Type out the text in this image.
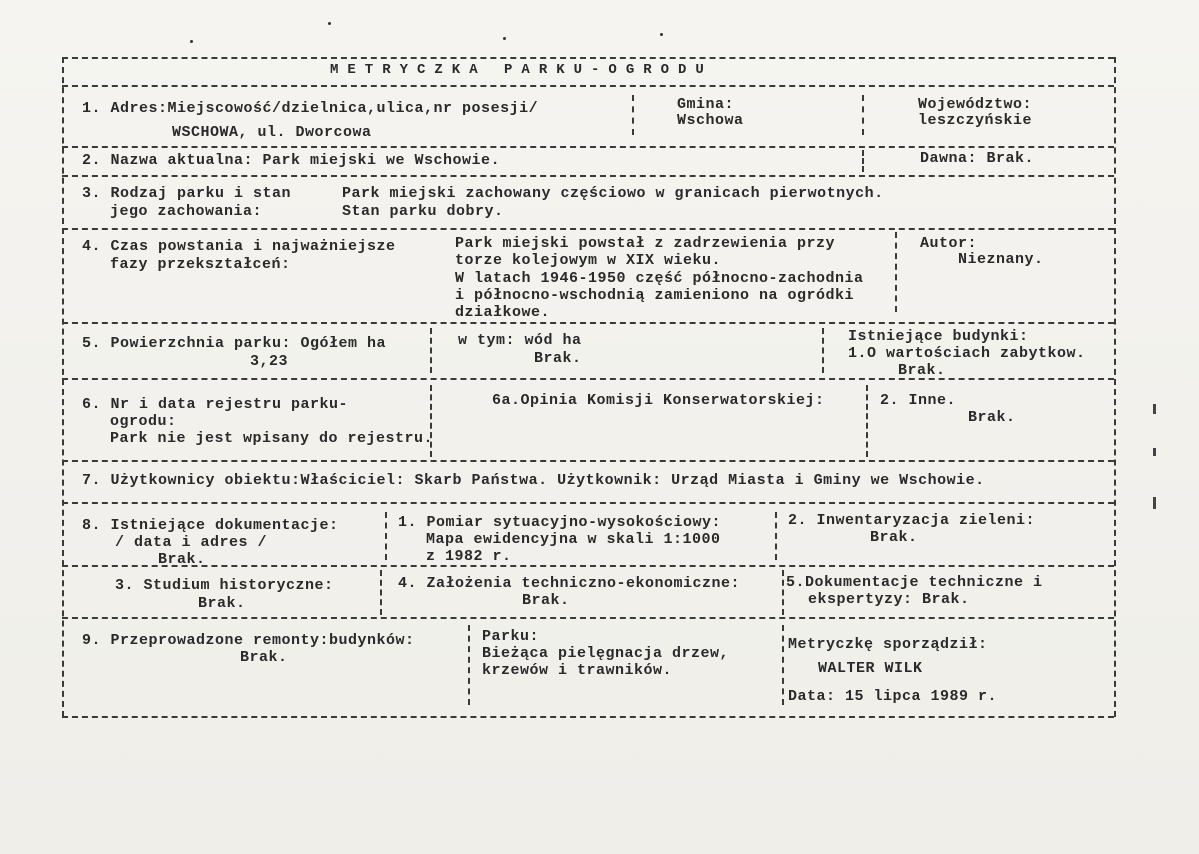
METRYCZKA PARKU-OGRODU
1. Adres:Miejscowość/dzielnica,ulica,nr posesji/
WSCHOWA, ul. Dworcowa
Gmina:
Wschowa
Województwo:
leszczyńskie
2. Nazwa aktualna: Park miejski we Wschowie.	Dawna: Brak.
3. Rodzaj parku i stan
jego zachowania:
Park miejski zachowany częściowo w granicach pierwotnych.
Stan parku dobry.
4. Czas powstania i najważniejsze
fazy przekształceń:
Park miejski powstał z zadrzewienia przy
torze kolejowym w XIX wieku.
W latach 1946-1950 część północno-zachodnia
i północno-wschodnią zamieniono na ogródki
działkowe.
Autor:
Nieznany.
5. Powierzchnia parku: Ogółem ha
3,23
w tym: wód ha
Brak.
Istniejące budynki:
1.O wartościach zabytkow.
Brak.
6. Nr i data rejestru parku-
ogrodu:
Park nie jest wpisany do rejestru.
6a.Opinia Komisji Konserwatorskiej:	2. Inne.
Brak.
7. Użytkownicy obiektu:Właściciel: Skarb Państwa. Użytkownik: Urząd Miasta i Gminy we Wschowie.
8. Istniejące dokumentacje:
/ data i adres /
Brak.
1. Pomiar sytuacyjno-wysokościowy:
Mapa ewidencyjna w skali 1:1000
z 1982 r.
2. Inwentaryzacja zieleni:
Brak.
3. Studium historyczne:
Brak.
4. Założenia techniczno-ekonomiczne:
Brak.
5.Dokumentacje techniczne i
ekspertyzy: Brak.
9. Przeprowadzone remonty:budynków:
Brak.
Parku:
Bieżąca pielęgnacja drzew,
krzewów i trawników.
Metryczkę sporządził:
WALTER WILK
Data: 15 lipca 1989 r.
